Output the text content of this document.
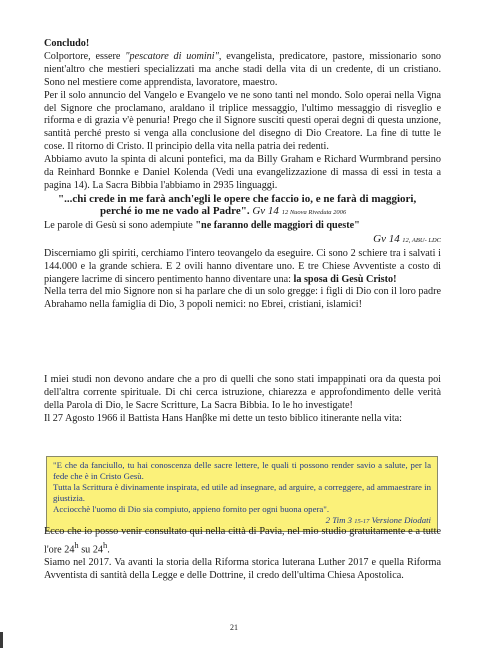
Concludo!

Colportore, essere "pescatore di uomini", evangelista, predicatore, pastore, missionario sono nient'altro che mestieri specializzati ma anche stadi della vita di un credente, di un cristiano. Sono nel mestiere come apprendista, lavoratore, maestro.

Per il solo annuncio del Vangelo e Evangelo ve ne sono tanti nel mondo. Solo operai nella Vigna del Signore che proclamano, araldano il triplice messaggio, l'ultimo messaggio di risveglio e riforma e di grazia v'è penuria! Prego che il Signore susciti questi operai degni di questa unzione, santità perché presto si venga alla conclusione del disegno di Dio Creatore. La fine di tutte le cose. Il ritorno di Cristo. Il principio della vita nella patria dei redenti.

Abbiamo avuto la spinta di alcuni pontefici, ma da Billy Graham e Richard Wurmbrand persino da Reinhard Bonnke e Daniel Kolenda (Vedi una evangelizzazione di massa di essi in testa a pagina 14). La Sacra Bibbia l'abbiamo in 2935 linguaggi.

"...chi crede in me farà anch'egli le opere che faccio io, e ne farà di maggiori,

perché io me ne vado al Padre". Gv 14 12 Nuova Riveduta 2006

Le parole di Gesù si sono adempiute "ne faranno delle maggiori di queste"

Gv 14 12, ABU- LDC

Discerniamo gli spiriti, cerchiamo l'intero teovangelo da eseguire. Ci sono 2 schiere tra i salvati i 144.000 e la grande schiera. E 2 ovili hanno diventare uno. E tre Chiese Avventiste a costo di piangere lacrime di sincero pentimento hanno diventare una: la sposa di Gesù Cristo!

Nella terra del mio Signore non si ha parlare che di un solo gregge: i figli di Dio con il loro padre Abrahamo nella famiglia di Dio, 3 popoli nemici: no Ebrei, cristiani, islamici!

I miei studi non devono andare che a pro di quelli che sono stati impappinati ora da questa poi dell'altra corrente spirituale. Di chi cerca istruzione, chiarezza e approfondimento delle verità della Parola di Dio, le Sacre Scritture, La Sacra Bibbia. Io le ho investigate!

Il 27 Agosto 1966 il Battista Hans Hanβke mi dette un testo biblico itinerante nella vita:

"E che da fanciullo, tu hai conoscenza delle sacre lettere, le quali ti possono render savio a salute, per la fede che è in Cristo Gesù.

Tutta la Scrittura è divinamente inspirata, ed utile ad insegnare, ad arguire, a correggere, ad ammaestrare in giustizia.

Acciocchè l'uomo di Dio sia compiuto, appieno fornito per ogni buona opera".

2 Tim 3 15-17 Versione Diodati

Ecco che io posso venir consultato qui nella città di Pavia, nel mio studio gratuitamente e a tutte l'ore 24$^h$ su 24$^h$.

Siamo nel 2017. Va avanti la storia della Riforma storica luterana Luther 2017 e quella Riforma Avventista di santità della Legge e delle Dottrine, il credo dell'ultima Chiesa Apostolica.

21
